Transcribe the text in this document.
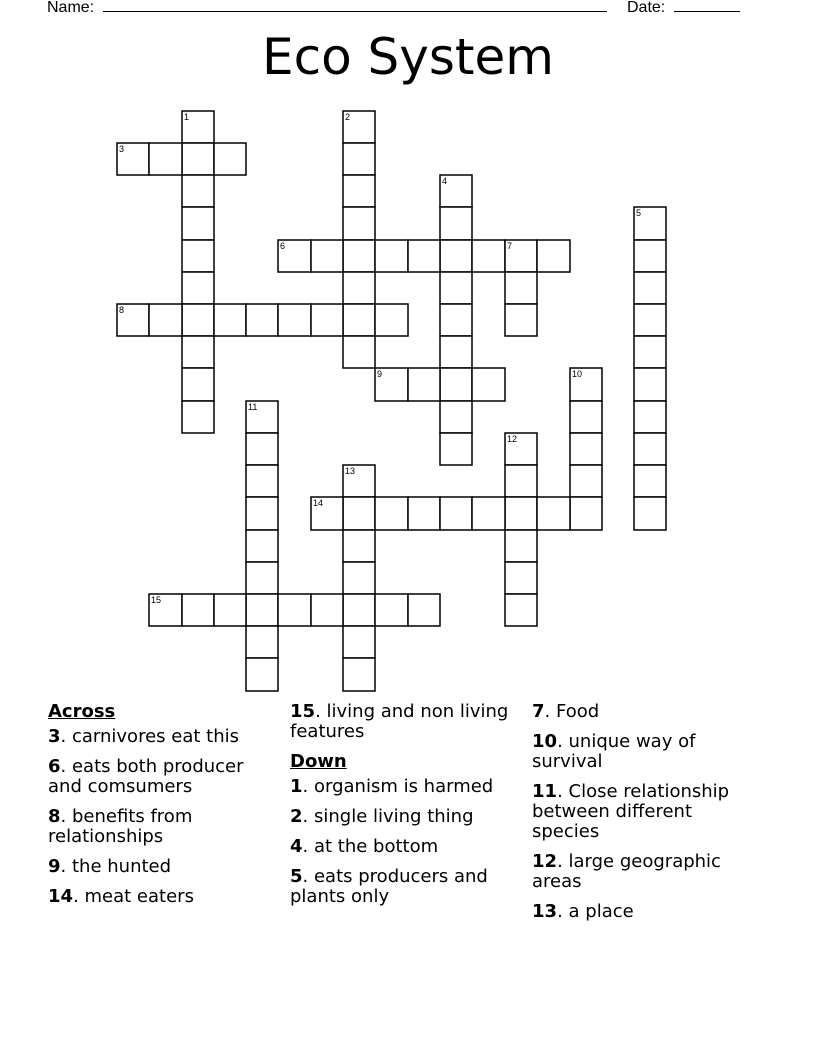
Name:	Date:
Eco System
1	2
3
4
5
6	7
8
9	10
11
12
13
14
15
Across
3. carnivores eat this
6. eats both producer and comsumers
8. benefits from relationships
9. the hunted
14. meat eaters
15. living and non living features
Down
1. organism is harmed
2. single living thing
4. at the bottom
5. eats producers and plants only
7. Food
10. unique way of survival
11. Close relationship between different species
12. large geographic areas
13. a place
